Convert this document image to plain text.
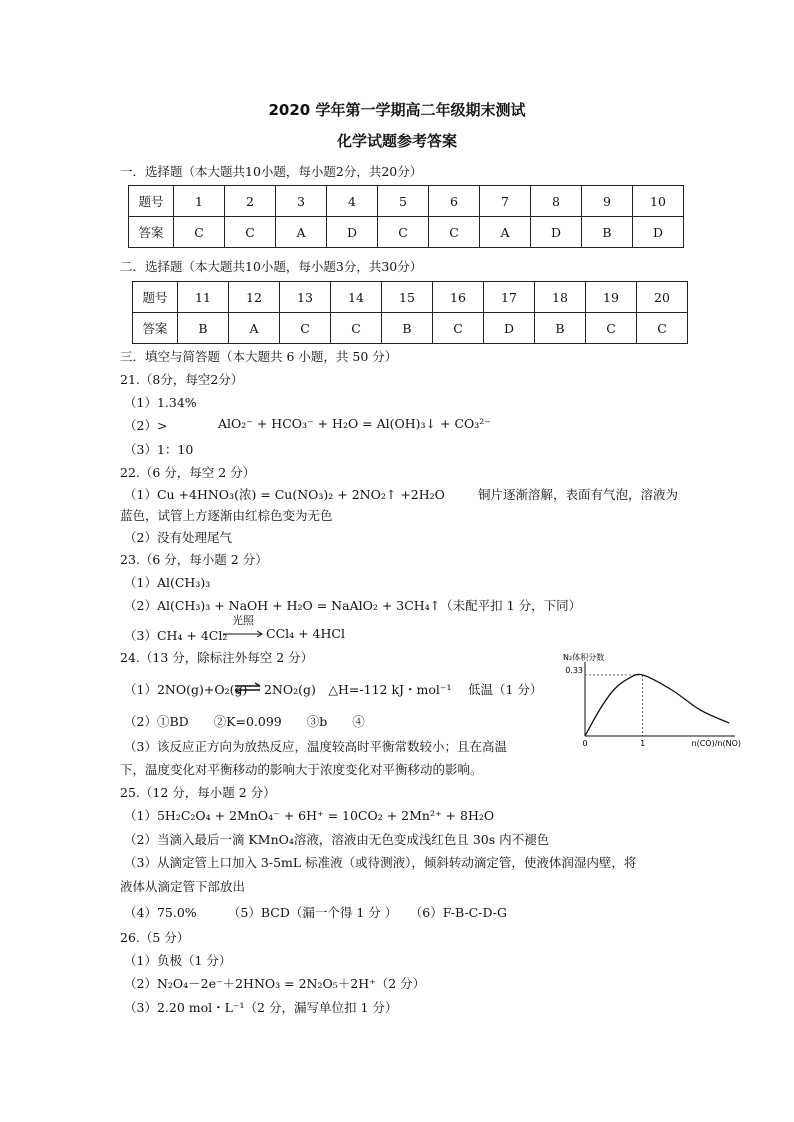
2020 学年第一学期高二年级期末测试
化学试题参考答案
一．选择题（本大题共10小题，每小题2分，共20分）
题号	1	2	3	4	5	6	7	8	9	10
答案	C	C	A	D	C	C	A	D	B	D
二．选择题（本大题共10小题，每小题3分，共30分）
题号	11	12	13	14	15	16	17	18	19	20
答案	B	A	C	C	B	C	D	B	C	C
三．填空与简答题（本大题共 6 小题，共 50 分）
21.（8分，每空2分）
（1）1.34%
（2）>	AlO₂⁻ + HCO₃⁻ + H₂O = Al(OH)₃↓ + CO₃²⁻
（3）1：10
22.（6 分，每空 2 分）
（1）Cu +4HNO₃(浓) = Cu(NO₃)₂ + 2NO₂↑ +2H₂O	铜片逐渐溶解，表面有气泡，溶液为
蓝色，试管上方逐渐由红棕色变为无色
（2）没有处理尾气
23.（6 分，每小题 2 分）
（1）Al(CH₃)₃
（2）Al(CH₃)₃ + NaOH + H₂O = NaAlO₂ + 3CH₄↑（未配平扣 1 分，下同）
（3）CH₄ + 4Cl₂
光照
→ CCl₄ + 4HCl
24.（13 分，除标注外每空 2 分）
（1）2NO(g)+O₂(g) ⇌ 2NO₂(g)　△H=-112 kJ・mol⁻¹ 低温（1 分）
（2）①BD　　②K=0.099　　③b　　④
（3）该反应正方向为放热反应，温度较高时平衡常数较小；且在高温
下，温度变化对平衡移动的影响大于浓度变化对平衡移动的影响。
N₂体积分数
0.33
0	1	n(CO)/n(NO)
25.（12 分，每小题 2 分）
（1）5H₂C₂O₄ + 2MnO₄⁻ + 6H⁺ = 10CO₂ + 2Mn²⁺ + 8H₂O
（2）当滴入最后一滴 KMnO₄溶液，溶液由无色变成浅红色且 30s 内不褪色
（3）从滴定管上口加入 3-5mL 标准液（或待测液），倾斜转动滴定管，使液体润湿内壁，将
液体从滴定管下部放出
（4）75.0%　　　（5）BCD（漏一个得 1 分 ）　　（6）F-B-C-D-G
26.（5 分）
（1）负极（1 分）
（2）N₂O₄－2e⁻＋2HNO₃ = 2N₂O₅＋2H⁺（2 分）
（3）2.20 mol・L⁻¹（2 分，漏写单位扣 1 分）
